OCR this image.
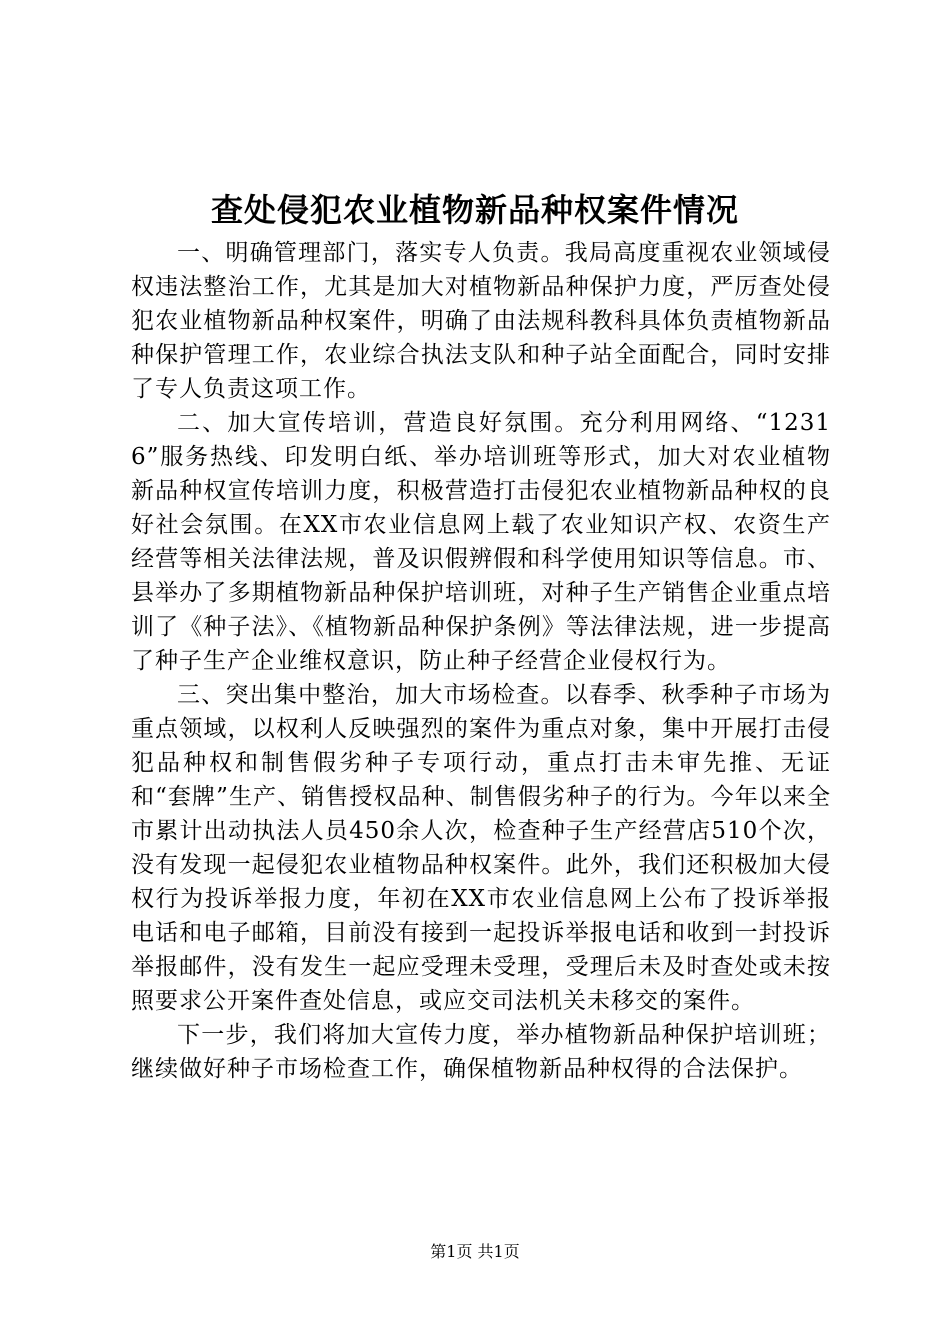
查处侵犯农业植物新品种权案件情况

一、明确管理部门，落实专人负责。我局高度重视农业领域侵权违法整治工作，尤其是加大对植物新品种保护力度，严厉查处侵犯农业植物新品种权案件，明确了由法规科教科具体负责植物新品种保护管理工作，农业综合执法支队和种子站全面配合，同时安排了专人负责这项工作。

二、加大宣传培训，营造良好氛围。充分利用网络、“12316”服务热线、印发明白纸、举办培训班等形式，加大对农业植物新品种权宣传培训力度，积极营造打击侵犯农业植物新品种权的良好社会氛围。在XX市农业信息网上载了农业知识产权、农资生产经营等相关法律法规，普及识假辨假和科学使用知识等信息。市、县举办了多期植物新品种保护培训班，对种子生产销售企业重点培训了《种子法》、《植物新品种保护条例》等法律法规，进一步提高了种子生产企业维权意识，防止种子经营企业侵权行为。

三、突出集中整治，加大市场检查。以春季、秋季种子市场为重点领域，以权利人反映强烈的案件为重点对象，集中开展打击侵犯品种权和制售假劣种子专项行动，重点打击未审先推、无证和“套牌”生产、销售授权品种、制售假劣种子的行为。今年以来全市累计出动执法人员450余人次，检查种子生产经营店510个次，没有发现一起侵犯农业植物品种权案件。此外，我们还积极加大侵权行为投诉举报力度，年初在XX市农业信息网上公布了投诉举报电话和电子邮箱，目前没有接到一起投诉举报电话和收到一封投诉举报邮件，没有发生一起应受理未受理，受理后未及时查处或未按照要求公开案件查处信息，或应交司法机关未移交的案件。

下一步，我们将加大宣传力度，举办植物新品种保护培训班；继续做好种子市场检查工作，确保植物新品种权得的合法保护。

第1页 共1页
